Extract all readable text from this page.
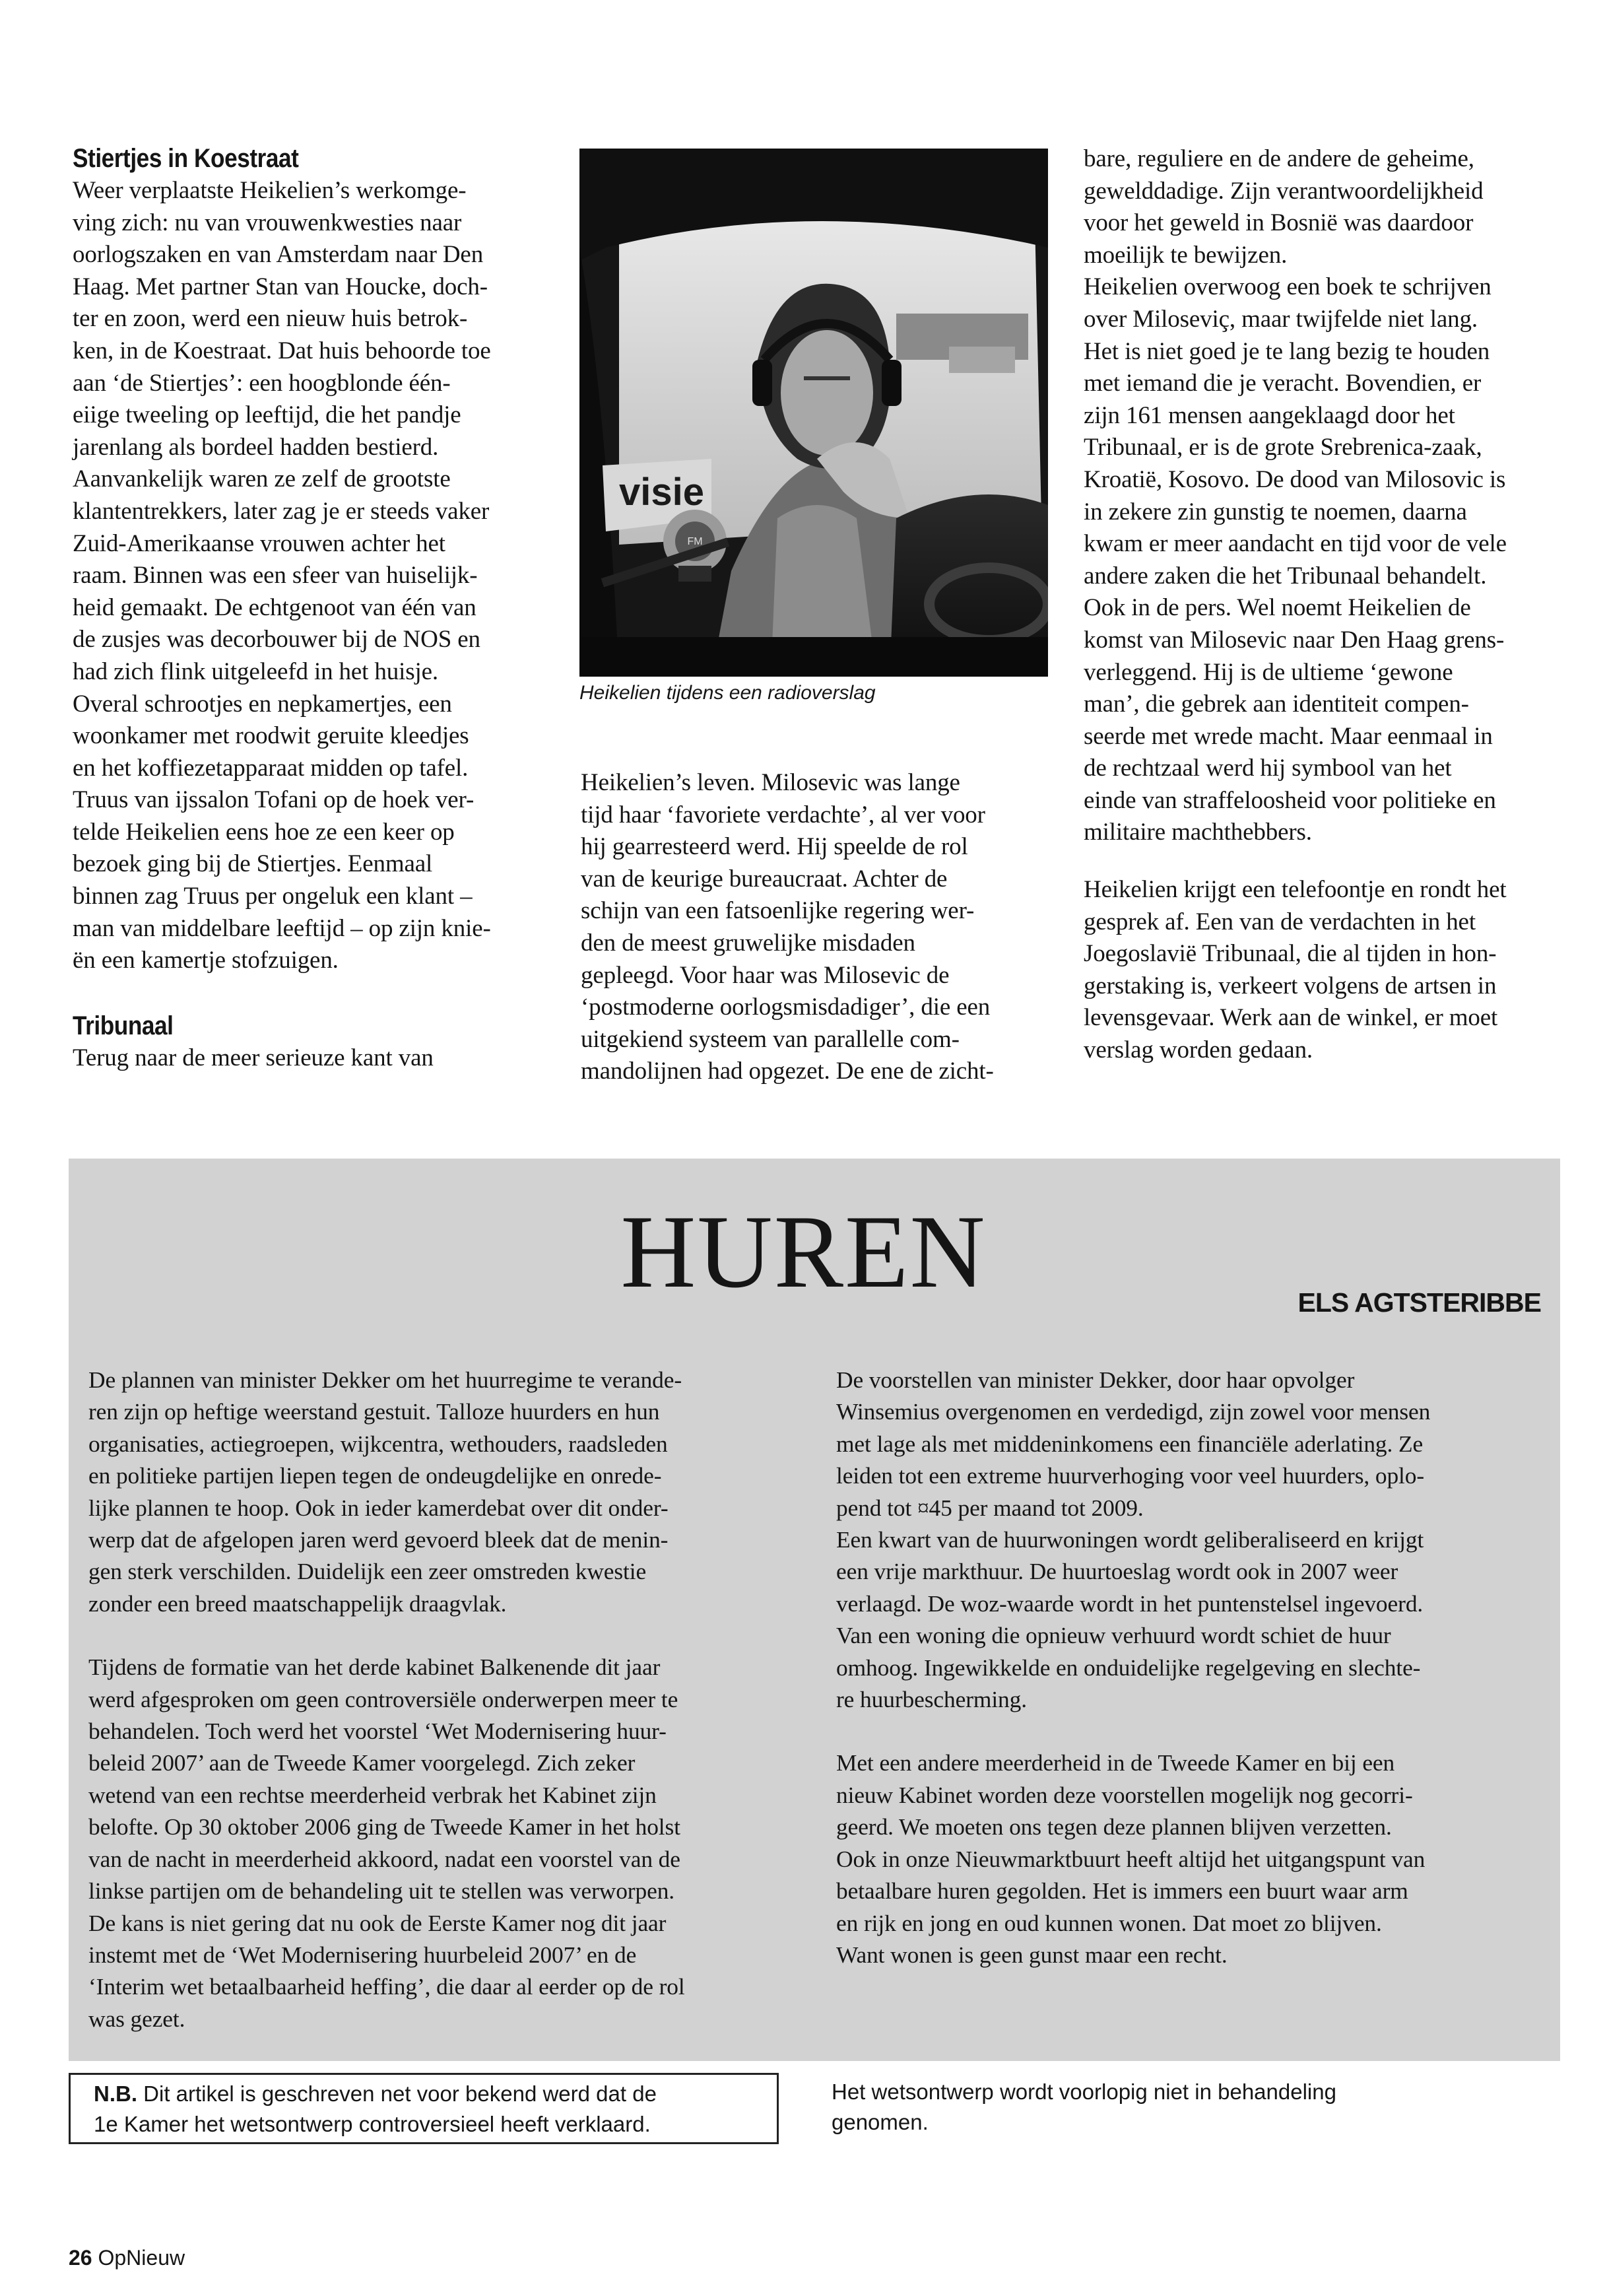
Stiertjes in Koestraat

Weer verplaatste Heikelien’s werkomge-

ving zich: nu van vrouwenkwesties naar

oorlogszaken en van Amsterdam naar Den

Haag. Met partner Stan van Houcke, doch-

ter en zoon, werd een nieuw huis betrok-

ken, in de Koestraat. Dat huis behoorde toe

aan ‘de Stiertjes’: een hoogblonde één-

eiige tweeling op leeftijd, die het pandje

jarenlang als bordeel hadden bestierd.

Aanvankelijk waren ze zelf de grootste

klantentrekkers, later zag je er steeds vaker

Zuid-Amerikaanse vrouwen achter het

raam. Binnen was een sfeer van huiselijk-

heid gemaakt. De echtgenoot van één van

de zusjes was decorbouwer bij de NOS en

had zich flink uitgeleefd in het huisje.

Overal schrootjes en nepkamertjes, een

woonkamer met roodwit geruite kleedjes

en het koffiezetapparaat midden op tafel.

Truus van ijssalon Tofani op de hoek ver-

telde Heikelien eens hoe ze een keer op

bezoek ging bij de Stiertjes. Eenmaal

binnen zag Truus per ongeluk een klant –

man van middelbare leeftijd – op zijn knie-

ën een kamertje stofzuigen.

Tribunaal

Terug naar de meer serieuze kant van

visie
FM
Heikelien tijdens een radioverslag

Heikelien’s leven. Milosevic was lange

tijd haar ‘favoriete verdachte’, al ver voor

hij gearresteerd werd. Hij speelde de rol

van de keurige bureaucraat. Achter de

schijn van een fatsoenlijke regering wer-

den de meest gruwelijke misdaden

gepleegd. Voor haar was Milosevic de

‘postmoderne oorlogsmisdadiger’, die een

uitgekiend systeem van parallelle com-

mandolijnen had opgezet. De ene de zicht-

bare, reguliere en de andere de geheime,

gewelddadige. Zijn verantwoordelijkheid

voor het geweld in Bosnië was daardoor

moeilijk te bewijzen.

Heikelien overwoog een boek te schrijven

over Miloseviç, maar twijfelde niet lang.

Het is niet goed je te lang bezig te houden

met iemand die je veracht. Bovendien, er

zijn 161 mensen aangeklaagd door het

Tribunaal, er is de grote Srebrenica-zaak,

Kroatië, Kosovo. De dood van Milosovic is

in zekere zin gunstig te noemen, daarna

kwam er meer aandacht en tijd voor de vele

andere zaken die het Tribunaal behandelt.

Ook in de pers. Wel noemt Heikelien de

komst van Milosevic naar Den Haag grens-

verleggend. Hij is de ultieme ‘gewone

man’, die gebrek aan identiteit compen-

seerde met wrede macht. Maar eenmaal in

de rechtzaal werd hij symbool van het

einde van straffeloosheid voor politieke en

militaire machthebbers.

Heikelien krijgt een telefoontje en rondt het

gesprek af. Een van de verdachten in het

Joegoslavië Tribunaal, die al tijden in hon-

gerstaking is, verkeert volgens de artsen in

levensgevaar. Werk aan de winkel, er moet

verslag worden gedaan.

HUREN	ELS AGTSTERIBBE

De plannen van minister Dekker om het huurregime te verande-

ren zijn op heftige weerstand gestuit. Talloze huurders en hun

organisaties, actiegroepen, wijkcentra, wethouders, raadsleden

en politieke partijen liepen tegen de ondeugdelijke en onrede-

lijke plannen te hoop. Ook in ieder kamerdebat over dit onder-

werp dat de afgelopen jaren werd gevoerd bleek dat de menin-

gen sterk verschilden. Duidelijk een zeer omstreden kwestie

zonder een breed maatschappelijk draagvlak.

Tijdens de formatie van het derde kabinet Balkenende dit jaar

werd afgesproken om geen controversiële onderwerpen meer te

behandelen. Toch werd het voorstel ‘Wet Modernisering huur-

beleid 2007’ aan de Tweede Kamer voorgelegd. Zich zeker

wetend van een rechtse meerderheid verbrak het Kabinet zijn

belofte. Op 30 oktober 2006 ging de Tweede Kamer in het holst

van de nacht in meerderheid akkoord, nadat een voorstel van de

linkse partijen om de behandeling uit te stellen was verworpen.

De kans is niet gering dat nu ook de Eerste Kamer nog dit jaar

instemt met de ‘Wet Modernisering huurbeleid 2007’ en de

‘Interim wet betaalbaarheid heffing’, die daar al eerder op de rol

was gezet.

De voorstellen van minister Dekker, door haar opvolger

Winsemius overgenomen en verdedigd, zijn zowel voor mensen

met lage als met middeninkomens een financiële aderlating. Ze

leiden tot een extreme huurverhoging voor veel huurders, oplo-

pend tot ¤45 per maand tot 2009.

Een kwart van de huurwoningen wordt geliberaliseerd en krijgt

een vrije markthuur. De huurtoeslag wordt ook in 2007 weer

verlaagd. De woz-waarde wordt in het puntenstelsel ingevoerd.

Van een woning die opnieuw verhuurd wordt schiet de huur

omhoog. Ingewikkelde en onduidelijke regelgeving en slechte-

re huurbescherming.

Met een andere meerderheid in de Tweede Kamer en bij een

nieuw Kabinet worden deze voorstellen mogelijk nog gecorri-

geerd. We moeten ons tegen deze plannen blijven verzetten.

Ook in onze Nieuwmarktbuurt heeft altijd het uitgangspunt van

betaalbare huren gegolden. Het is immers een buurt waar arm

en rijk en jong en oud kunnen wonen. Dat moet zo blijven.

Want wonen is geen gunst maar een recht.

N.B. Dit artikel is geschreven net voor bekend werd dat de
1e Kamer het wetsontwerp controversieel heeft verklaard.
Het wetsontwerp wordt voorlopig niet in behandeling
genomen.
26 OpNieuw
